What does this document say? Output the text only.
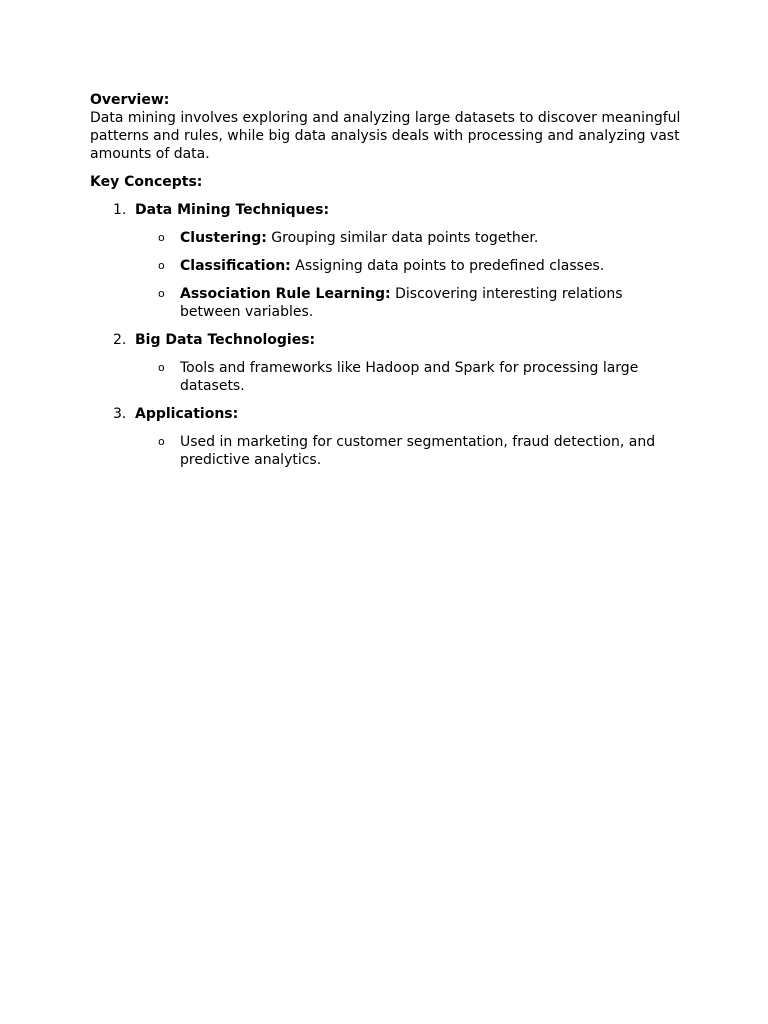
Overview:

Data mining involves exploring and analyzing large datasets to discover meaningful patterns and rules, while big data analysis deals with processing and analyzing vast amounts of data.

Key Concepts:

1. Data Mining Techniques:
o Clustering: Grouping similar data points together.
o Classification: Assigning data points to predefined classes.
o Association Rule Learning: Discovering interesting relations between variables.
2. Big Data Technologies:
o Tools and frameworks like Hadoop and Spark for processing large datasets.
3. Applications:
o Used in marketing for customer segmentation, fraud detection, and predictive analytics.
